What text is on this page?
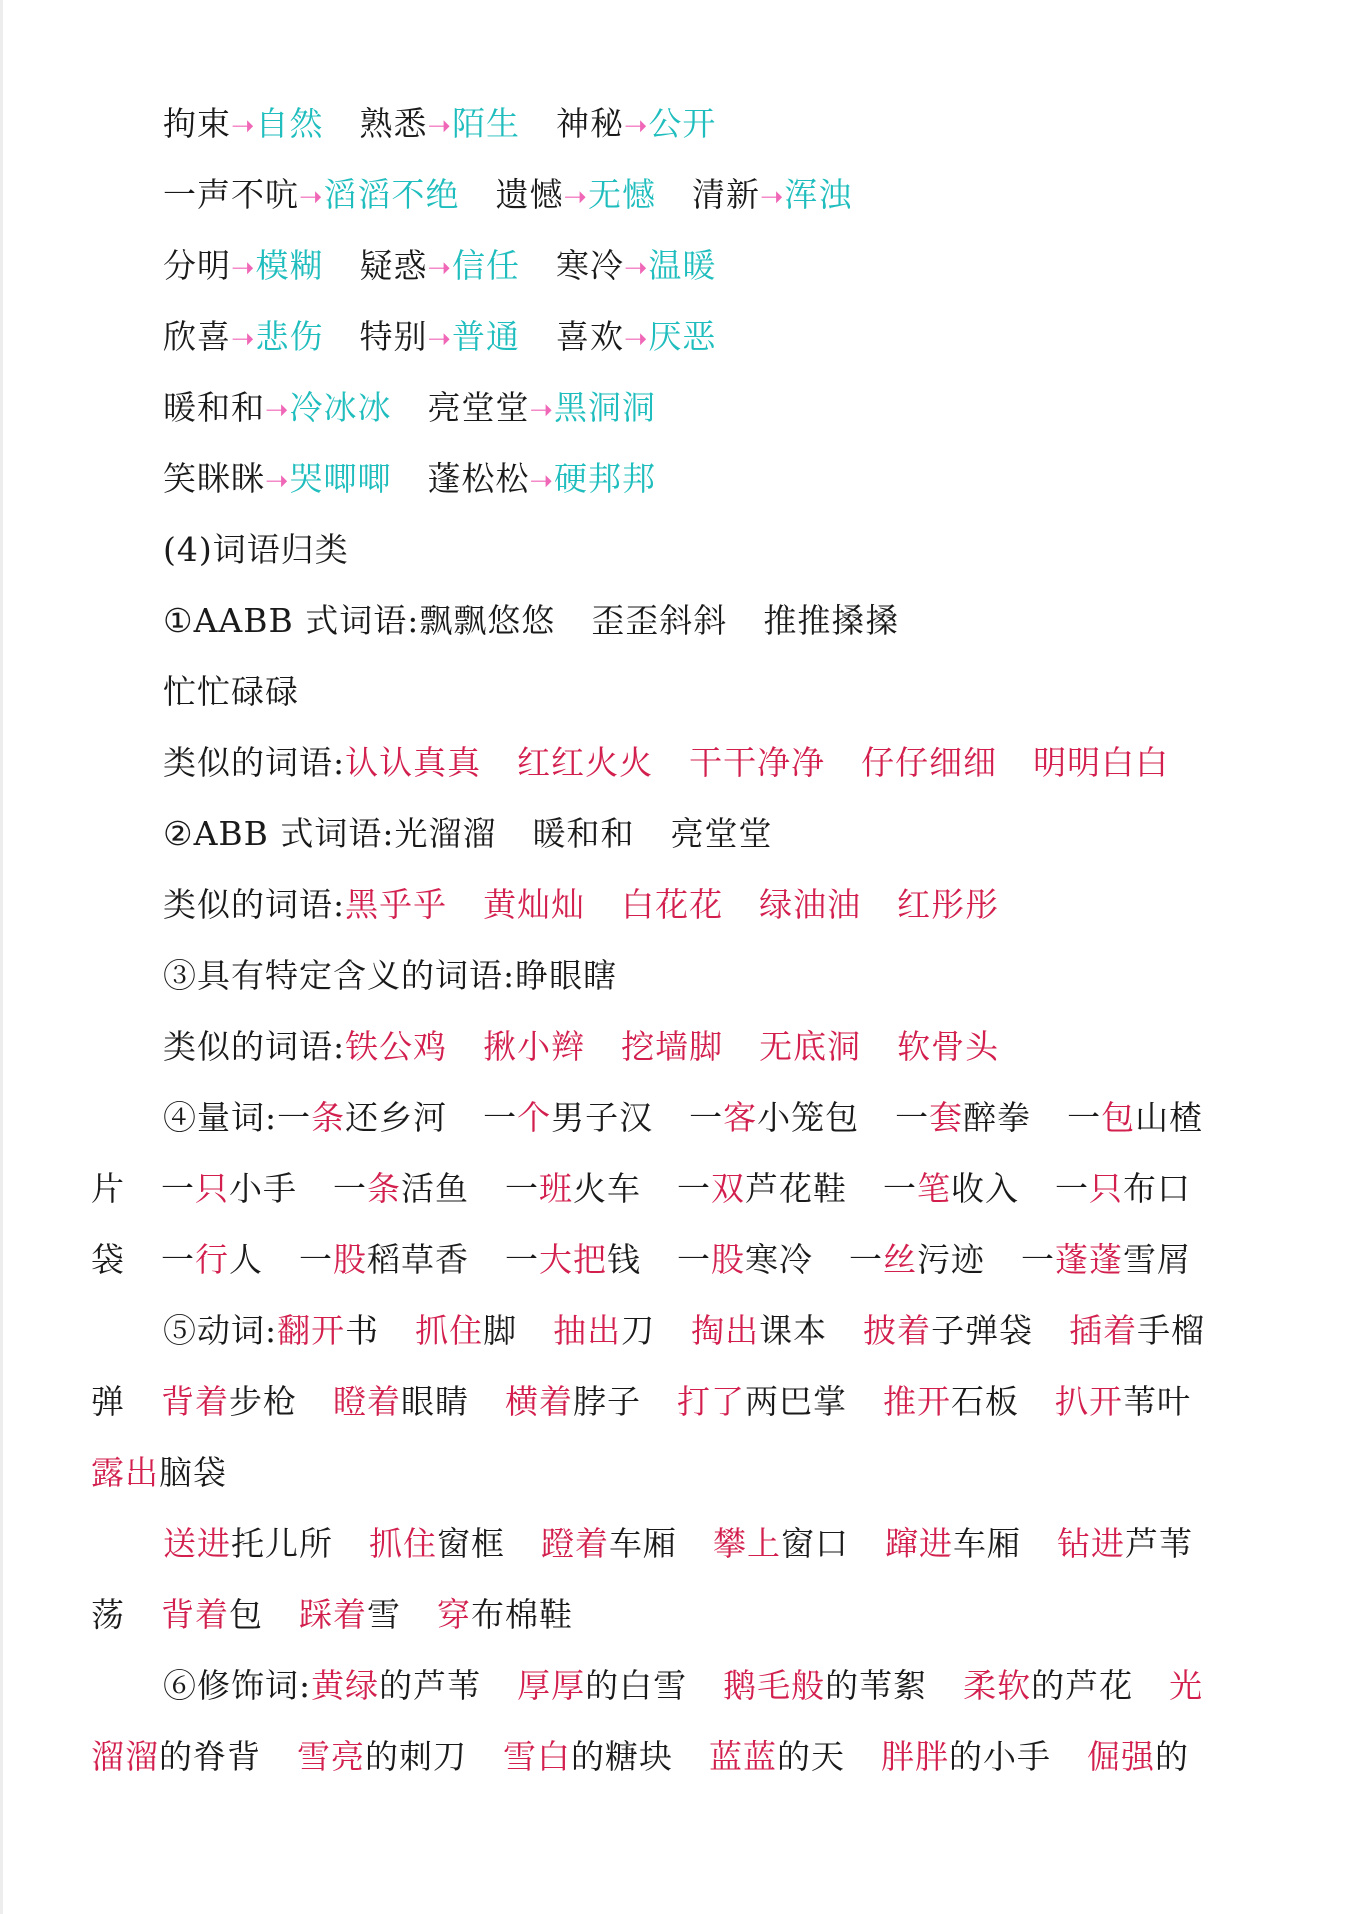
拘束➝自然 熟悉➝陌生 神秘➝公开
一声不吭➝滔滔不绝 遗憾➝无憾 清新➝浑浊
分明➝模糊 疑惑➝信任 寒冷➝温暖
欣喜➝悲伤 特别➝普通 喜欢➝厌恶
暖和和➝冷冰冰 亮堂堂➝黑洞洞
笑眯眯➝哭唧唧 蓬松松➝硬邦邦
(4)词语归类
①AABB 式词语:飘飘悠悠 歪歪斜斜 推推搡搡
忙忙碌碌
类似的词语:认认真真 红红火火 干干净净 仔仔细细 明明白白
②ABB 式词语:光溜溜 暖和和 亮堂堂
类似的词语:黑乎乎 黄灿灿 白花花 绿油油 红彤彤
③具有特定含义的词语:睁眼瞎
类似的词语:铁公鸡 揪小辫 挖墙脚 无底洞 软骨头
④量词:一条还乡河 一个男子汉 一客小笼包 一套醉拳 一包山楂
片 一只小手 一条活鱼 一班火车 一双芦花鞋 一笔收入 一只布口
袋 一行人 一股稻草香 一大把钱 一股寒冷 一丝污迹 一蓬蓬雪屑
⑤动词:翻开书 抓住脚 抽出刀 掏出课本 披着子弹袋 插着手榴
弹 背着步枪 瞪着眼睛 横着脖子 打了两巴掌 推开石板 扒开苇叶
露出脑袋
送进托儿所 抓住窗框 蹬着车厢 攀上窗口 蹿进车厢 钻进芦苇
荡 背着包 踩着雪 穿布棉鞋
⑥修饰词:黄绿的芦苇 厚厚的白雪 鹅毛般的苇絮 柔软的芦花 光
溜溜的脊背 雪亮的刺刀 雪白的糖块 蓝蓝的天 胖胖的小手 倔强的
